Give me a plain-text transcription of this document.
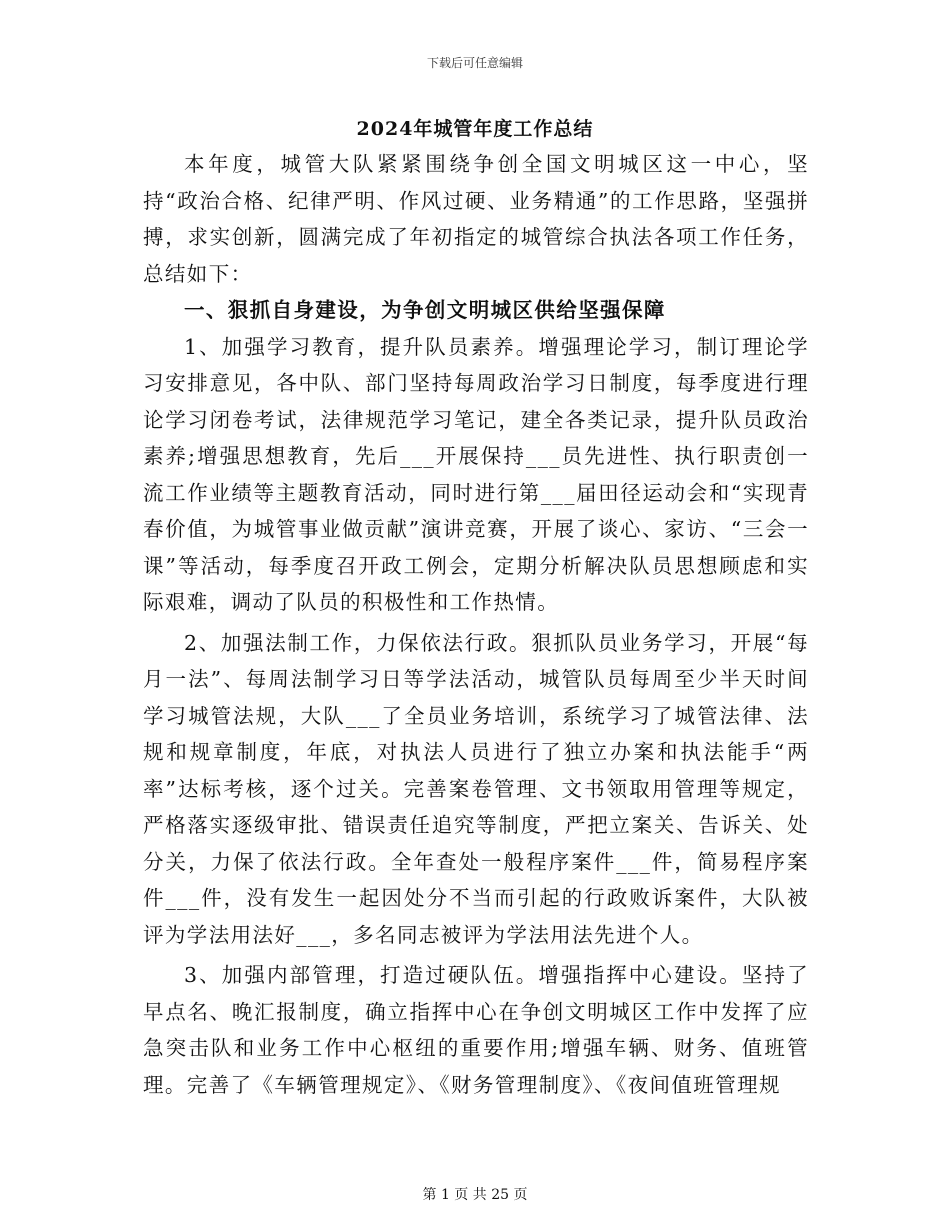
下载后可任意编辑
2024年城管年度工作总结

本年度，城管大队紧紧围绕争创全国文明城区这一中心，坚持“政治合格、纪律严明、作风过硬、业务精通”的工作思路，坚强拼搏，求实创新，圆满完成了年初指定的城管综合执法各项工作任务，总结如下：

一、狠抓自身建设，为争创文明城区供给坚强保障

1、加强学习教育，提升队员素养。增强理论学习，制订理论学习安排意见，各中队、部门坚持每周政治学习日制度，每季度进行理论学习闭卷考试，法律规范学习笔记，建全各类记录，提升队员政治素养;增强思想教育，先后___开展保持___员先进性、执行职责创一流工作业绩等主题教育活动，同时进行第___届田径运动会和“实现青春价值，为城管事业做贡献”演讲竞赛，开展了谈心、家访、“三会一课”等活动，每季度召开政工例会，定期分析解决队员思想顾虑和实际艰难，调动了队员的积极性和工作热情。

2、加强法制工作，力保依法行政。狠抓队员业务学习，开展“每月一法”、每周法制学习日等学法活动，城管队员每周至少半天时间学习城管法规，大队___了全员业务培训，系统学习了城管法律、法规和规章制度，年底，对执法人员进行了独立办案和执法能手“两率”达标考核，逐个过关。完善案卷管理、文书领取用管理等规定，严格落实逐级审批、错误责任追究等制度，严把立案关、告诉关、处分关，力保了依法行政。全年查处一般程序案件___件，简易程序案件___件，没有发生一起因处分不当而引起的行政败诉案件，大队被评为学法用法好___，多名同志被评为学法用法先进个人。

3、加强内部管理，打造过硬队伍。增强指挥中心建设。坚持了早点名、晚汇报制度，确立指挥中心在争创文明城区工作中发挥了应急突击队和业务工作中心枢纽的重要作用;增强车辆、财务、值班管理。完善了《车辆管理规定》、《财务管理制度》、《夜间值班管理规

第 1 页 共 25 页
